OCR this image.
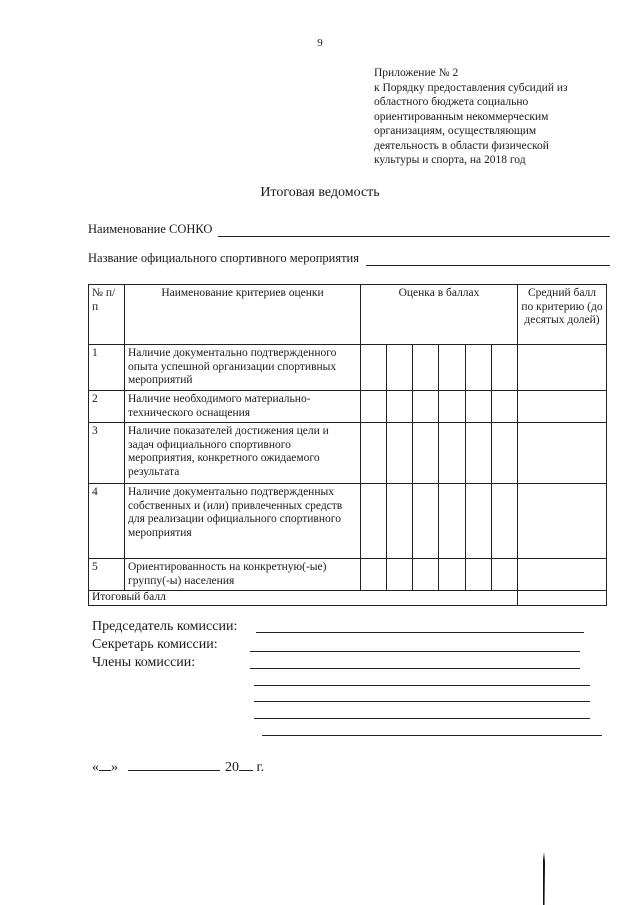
9
Приложение № 2
к Порядку предоставления субсидий из
областного бюджета социально
ориентированным некоммерческим
организациям, осуществляющим
деятельность в области физической
культуры и спорта, на 2018 год
Итоговая ведомость
Наименование СОНКО
Название официального спортивного мероприятия
№ п/п	Наименование критериев оценки	Оценка в баллах						Средний балл по критерию (до десятых долей)
1	Наличие документально подтвержденного опыта успешной организации спортивных мероприятий							
2	Наличие необходимого материально-технического оснащения							
3	Наличие показателей достижения цели и задач официального спортивного мероприятия, конкретного ожидаемого результата							
4	Наличие документально подтвержденных собственных и (или) привлеченных средств для реализации официального спортивного мероприятия							
5	Ориентированность на конкретную(-ые) группу(-ы) населения							
Итоговый балл								
Председатель комиссии:
Секретарь комиссии:
Члены комиссии:
« »	20 г.
